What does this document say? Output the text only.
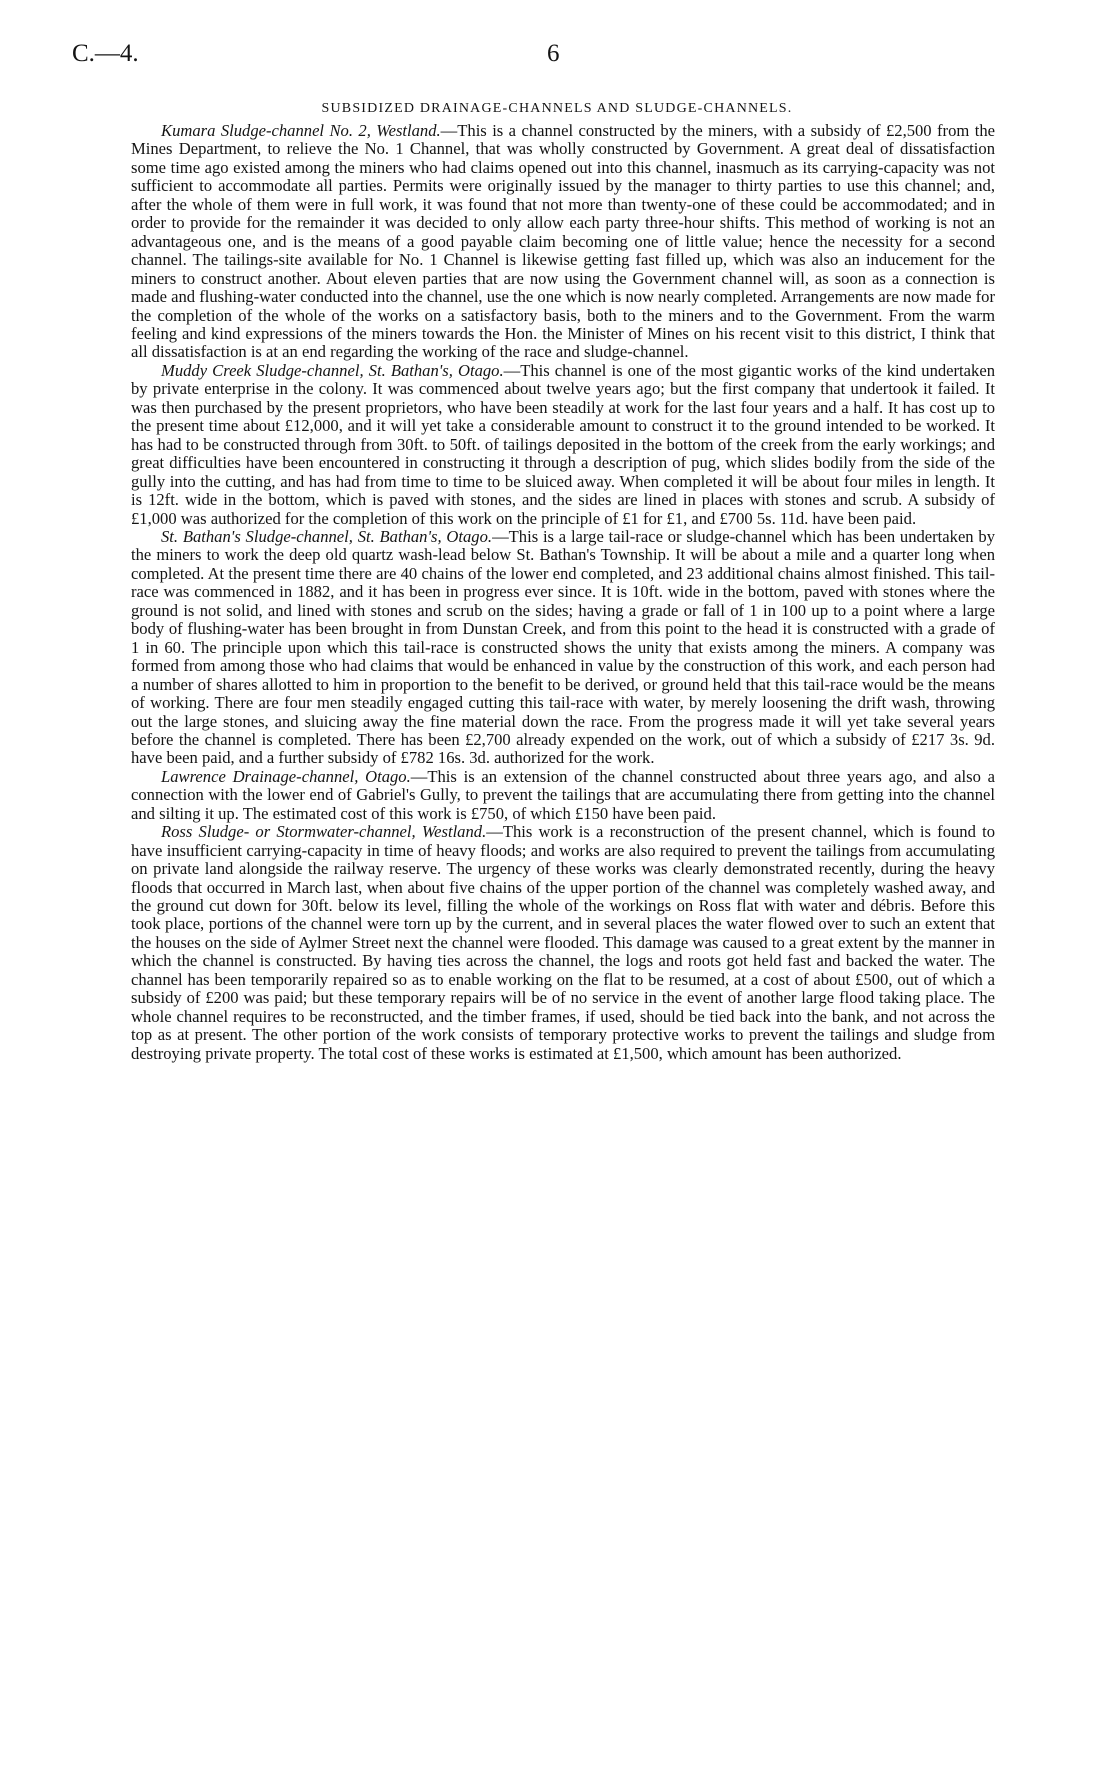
C.—4.	6
SUBSIDIZED DRAINAGE-CHANNELS AND SLUDGE-CHANNELS.

Kumara Sludge-channel No. 2, Westland.—This is a channel constructed by the miners, with a subsidy of £2,500 from the Mines Department, to relieve the No. 1 Channel, that was wholly constructed by Government. A great deal of dissatisfaction some time ago existed among the miners who had claims opened out into this channel, inasmuch as its carrying-capacity was not sufficient to accommodate all parties. Permits were originally issued by the manager to thirty parties to use this channel; and, after the whole of them were in full work, it was found that not more than twenty-one of these could be accommodated; and in order to provide for the remainder it was decided to only allow each party three-hour shifts. This method of working is not an advantageous one, and is the means of a good payable claim becoming one of little value; hence the necessity for a second channel. The tailings-site available for No. 1 Channel is likewise getting fast filled up, which was also an inducement for the miners to construct another. About eleven parties that are now using the Government channel will, as soon as a connection is made and flushing-water conducted into the channel, use the one which is now nearly completed. Arrangements are now made for the completion of the whole of the works on a satisfactory basis, both to the miners and to the Government. From the warm feeling and kind expressions of the miners towards the Hon. the Minister of Mines on his recent visit to this district, I think that all dissatisfaction is at an end regarding the working of the race and sludge-channel.

Muddy Creek Sludge-channel, St. Bathan's, Otago.—This channel is one of the most gigantic works of the kind undertaken by private enterprise in the colony. It was commenced about twelve years ago; but the first company that undertook it failed. It was then purchased by the present proprietors, who have been steadily at work for the last four years and a half. It has cost up to the present time about £12,000, and it will yet take a considerable amount to construct it to the ground intended to be worked. It has had to be constructed through from 30ft. to 50ft. of tailings deposited in the bottom of the creek from the early workings; and great difficulties have been encountered in constructing it through a description of pug, which slides bodily from the side of the gully into the cutting, and has had from time to time to be sluiced away. When completed it will be about four miles in length. It is 12ft. wide in the bottom, which is paved with stones, and the sides are lined in places with stones and scrub. A subsidy of £1,000 was authorized for the completion of this work on the principle of £1 for £1, and £700 5s. 11d. have been paid.

St. Bathan's Sludge-channel, St. Bathan's, Otago.—This is a large tail-race or sludge-channel which has been undertaken by the miners to work the deep old quartz wash-lead below St. Bathan's Township. It will be about a mile and a quarter long when completed. At the present time there are 40 chains of the lower end completed, and 23 additional chains almost finished. This tail-race was commenced in 1882, and it has been in progress ever since. It is 10ft. wide in the bottom, paved with stones where the ground is not solid, and lined with stones and scrub on the sides; having a grade or fall of 1 in 100 up to a point where a large body of flushing-water has been brought in from Dunstan Creek, and from this point to the head it is constructed with a grade of 1 in 60. The principle upon which this tail-race is constructed shows the unity that exists among the miners. A company was formed from among those who had claims that would be enhanced in value by the construction of this work, and each person had a number of shares allotted to him in proportion to the benefit to be derived, or ground held that this tail-race would be the means of working. There are four men steadily engaged cutting this tail-race with water, by merely loosening the drift wash, throwing out the large stones, and sluicing away the fine material down the race. From the progress made it will yet take several years before the channel is completed. There has been £2,700 already expended on the work, out of which a subsidy of £217 3s. 9d. have been paid, and a further subsidy of £782 16s. 3d. authorized for the work.

Lawrence Drainage-channel, Otago.—This is an extension of the channel constructed about three years ago, and also a connection with the lower end of Gabriel's Gully, to prevent the tailings that are accumulating there from getting into the channel and silting it up. The estimated cost of this work is £750, of which £150 have been paid.

Ross Sludge- or Stormwater-channel, Westland.—This work is a reconstruction of the present channel, which is found to have insufficient carrying-capacity in time of heavy floods; and works are also required to prevent the tailings from accumulating on private land alongside the railway reserve. The urgency of these works was clearly demonstrated recently, during the heavy floods that occurred in March last, when about five chains of the upper portion of the channel was completely washed away, and the ground cut down for 30ft. below its level, filling the whole of the workings on Ross flat with water and débris. Before this took place, portions of the channel were torn up by the current, and in several places the water flowed over to such an extent that the houses on the side of Aylmer Street next the channel were flooded. This damage was caused to a great extent by the manner in which the channel is constructed. By having ties across the channel, the logs and roots got held fast and backed the water. The channel has been temporarily repaired so as to enable working on the flat to be resumed, at a cost of about £500, out of which a subsidy of £200 was paid; but these temporary repairs will be of no service in the event of another large flood taking place. The whole channel requires to be reconstructed, and the timber frames, if used, should be tied back into the bank, and not across the top as at present. The other portion of the work consists of temporary protective works to prevent the tailings and sludge from destroying private property. The total cost of these works is estimated at £1,500, which amount has been authorized.
